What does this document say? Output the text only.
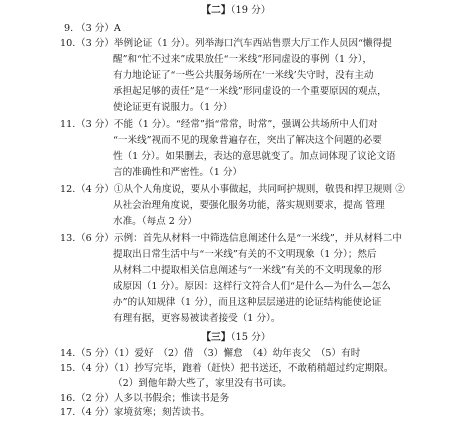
【二】（19 分）
9. （3 分）A
10. （3 分）举例论证（1 分）。列举海口汽车西站售票大厅工作人员因“懒得提
醒”和“忙不过来”成果放任“一米线”形同虚设的事例（1 分），
有力地论证了“一些公共服务场所在‘一米线’失守时，没有主动
承担起足够的责任”是“一米线”形同虚设的一个重要原因的观点，
使论证更有说服力。（1 分）
11. （3 分）不能（1 分）。“经常”指“常常，时常”，强调公共场所中人们对
“一米线”视而不见的现象普遍存在，突出了解决这个问题的必要
性（1 分）。如果删去，表达的意思就变了。加点词体现了议论文语
言的准确性和严密性。（1 分）
12. （4 分）①从个人角度说，要从小事做起，共同呵护规则，敬畏和捍卫规则 ②
从社会治理角度说，要强化服务功能，落实规则要求，提高 管理
水准。（每点 2 分）
13. （6 分）示例：首先从材料一中筛选信息阐述什么是“一米线”，并从材料二中
提取出日常生活中与“一米线”有关的不文明现象（1 分）；然后
从材料二中提取相关信息阐述与“一米线”有关的不文明现象的形
成原因（1 分）。原因：这样行文符合人们“是什么—为什么—怎么
办”的认知规律（1 分），而且这种层层递进的论证结构能使论证
有理有据，更容易被读者接受（1 分）。
【三】（15 分）
14. （5 分）（1）爱好　（2）借　（3）懈怠　（4）幼年丧父　（5）有时
15. （4 分）（1）抄写完毕，跑着（赶快）把书送还，不敢稍稍超过约定期限。
（2）到他年龄大些了，家里没有书可读。
16. （2 分）人多以书假余；惟读书是务
17. （4 分）家境贫寒；刻苦读书。
